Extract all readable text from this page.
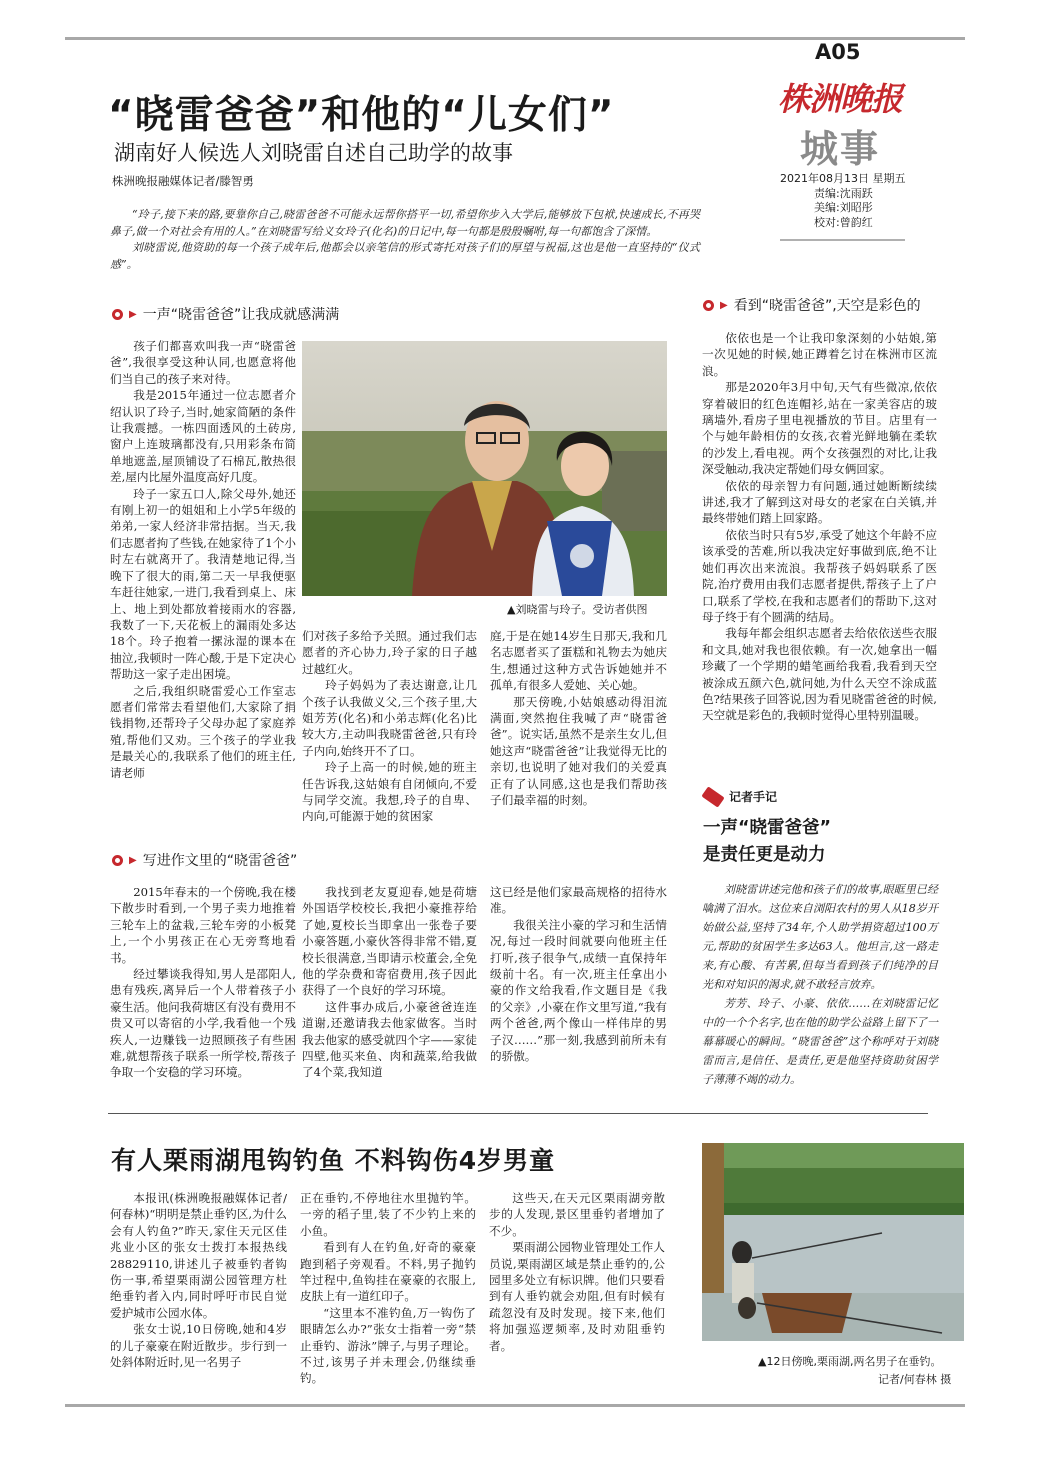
A05
株洲晚报
城事
2021年08月13日 星期五
责编:沈雨跃
美编:刘昭彤
校对:曾韵红
“晓雷爸爸”和他的“儿女们”
湖南好人候选人刘晓雷自述自己助学的故事
株洲晚报融媒体记者/滕智勇

“玲子,接下来的路,要靠你自己,晓雷爸爸不可能永远帮你搭平一切,希望你步入大学后,能够放下包袱,快速成长,不再哭鼻子,做一个对社会有用的人。”在刘晓雷写给义女玲子(化名)的日记中,每一句都是殷殷嘱咐,每一句都饱含了深情。

刘晓雷说,他资助的每一个孩子成年后,他都会以亲笔信的形式寄托对孩子们的厚望与祝福,这也是他一直坚持的“仪式感”。

▶ 一声“晓雷爸爸”让我成就感满满

孩子们都喜欢叫我一声“晓雷爸爸”,我很享受这种认同,也愿意将他们当自己的孩子来对待。

我是2015年通过一位志愿者介绍认识了玲子,当时,她家简陋的条件让我震撼。一栋四面透风的土砖房,窗户上连玻璃都没有,只用彩条布简单地遮盖,屋顶铺设了石棉瓦,散热很差,屋内比屋外温度高好几度。

玲子一家五口人,除父母外,她还有刚上初一的姐姐和上小学5年级的弟弟,一家人经济非常拮据。当天,我们志愿者拘了些钱,在她家待了1个小时左右就离开了。我清楚地记得,当晚下了很大的雨,第二天一早我便驱车赶往她家,一进门,我看到桌上、床上、地上到处都放着接雨水的容器,我数了一下,天花板上的漏雨处多达18个。玲子抱着一摞泳湿的课本在抽泣,我顿时一阵心酸,于是下定决心帮助这一家子走出困境。

之后,我组织晓雷爱心工作室志愿者们常常去看望他们,大家除了捐钱捐物,还帮玲子父母办起了家庭养殖,帮他们又劝。三个孩子的学业我是最关心的,我联系了他们的班主任,请老师

▲刘晓雷与玲子。受访者供图

们对孩子多给予关照。通过我们志愿者的齐心协力,玲子家的日子越过越红火。

玲子妈妈为了表达谢意,让几个孩子认我做义父,三个孩子里,大姐芳芳(化名)和小弟志辉(化名)比较大方,主动叫我晓雷爸爸,只有玲子内向,始终开不了口。

玲子上高一的时候,她的班主任告诉我,这姑娘有自闭倾向,不爱与同学交流。我想,玲子的自卑、内向,可能源于她的贫困家

庭,于是在她14岁生日那天,我和几名志愿者买了蛋糕和礼物去为她庆生,想通过这种方式告诉她她并不孤单,有很多人爱她、关心她。

那天傍晚,小姑娘感动得泪流满面,突然抱住我喊了声“晓雷爸爸”。说实话,虽然不是亲生女儿,但她这声“晓雷爸爸”让我觉得无比的亲切,也说明了她对我们的关爱真正有了认同感,这也是我们帮助孩子们最幸福的时刻。

▶ 写进作文里的“晓雷爸爸”

2015年春末的一个傍晚,我在楼下散步时看到,一个男子卖力地推着三轮车上的盆栽,三轮车旁的小板凳上,一个小男孩正在心无旁骛地看书。

经过攀谈我得知,男人是邵阳人,患有残疾,离异后一个人带着孩子小豪生活。他问我荷塘区有没有费用不贵又可以寄宿的小学,我看他一个残疾人,一边赚钱一边照顾孩子有些困难,就想帮孩子联系一所学校,帮孩子争取一个安稳的学习环境。

我找到老友夏迎春,她是荷塘外国语学校校长,我把小豪推荐给了她,夏校长当即拿出一张卷子要小豪答题,小豪伙答得非常不错,夏校长很满意,当即请示校董会,全免他的学杂费和寄宿费用,孩子因此获得了一个良好的学习环境。

这件事办成后,小豪爸爸连连道谢,还邀请我去他家做客。当时我去他家的感受就四个字——家徒四壁,他买来鱼、肉和蔬菜,给我做了4个菜,我知道

这已经是他们家最高规格的招待水准。

我很关注小豪的学习和生活情况,每过一段时间就要向他班主任打听,孩子很争气,成绩一直保持年级前十名。有一次,班主任拿出小豪的作文给我看,作文题目是《我的父亲》,小豪在作文里写道,“我有两个爸爸,两个像山一样伟岸的男子汉……”那一刻,我感到前所未有的骄傲。

▶ 看到“晓雷爸爸”,天空是彩色的

依依也是一个让我印象深刻的小姑娘,第一次见她的时候,她正蹲着乞讨在株洲市区流浪。

那是2020年3月中旬,天气有些微凉,依依穿着破旧的红色连帽衫,站在一家美容店的玻璃墙外,看房子里电视播放的节目。店里有一个与她年龄相仿的女孩,衣着光鲜地躺在柔软的沙发上,看电视。两个女孩强烈的对比,让我深受触动,我决定帮她们母女俩回家。

依依的母亲智力有问题,通过她断断续续讲述,我才了解到这对母女的老家在白关镇,并最终带她们踏上回家路。

依依当时只有5岁,承受了她这个年龄不应该承受的苦难,所以我决定好事做到底,绝不让她们再次出来流浪。我帮孩子妈妈联系了医院,治疗费用由我们志愿者提供,帮孩子上了户口,联系了学校,在我和志愿者们的帮助下,这对母子终于有个圆满的结局。

我每年都会组织志愿者去给依依送些衣服和文具,她对我也很依赖。有一次,她拿出一幅珍藏了一个学期的蜡笔画给我看,我看到天空被涂成五颜六色,就问她,为什么天空不涂成蓝色?结果孩子回答说,因为看见晓雷爸爸的时候,天空就是彩色的,我顿时觉得心里特别温暖。

记者手记
一声“晓雷爸爸”
是责任更是动力

刘晓雷讲述完他和孩子们的故事,眼眶里已经噙满了泪水。这位来自浏阳农村的男人从18岁开始做公益,坚持了34年,个人助学捐资超过100万元,帮助的贫困学生多达63人。他坦言,这一路走来,有心酸、有苦累,但每当看到孩子们纯净的目光和对知识的渴求,就不敢轻言放弃。

芳芳、玲子、小豪、依依……在刘晓雷记忆中的一个个名字,也在他的助学公益路上留下了一幕幕暖心的瞬间。“晓雷爸爸”这个称呼对于刘晓雷而言,是信任、是责任,更是他坚持资助贫困学子薄薄不竭的动力。

有人栗雨湖甩钩钓鱼 不料钩伤4岁男童

本报讯(株洲晚报融媒体记者/何春林)“明明是禁止垂钓区,为什么会有人钓鱼?”昨天,家住天元区佳兆业小区的张女士拨打本报热线28829110,讲述儿子被垂钓者钩伤一事,希望栗雨湖公园管理方杜绝垂钓者入内,同时呼吁市民自觉爱护城市公园水体。

张女士说,10日傍晚,她和4岁的儿子豪豪在附近散步。步行到一处斜体附近时,见一名男子

正在垂钓,不停地往水里抛钓竿。一旁的稻子里,装了不少钓上来的小鱼。

看到有人在钓鱼,好奇的豪豪跑到稻子旁观看。不料,男子抛钓竿过程中,鱼钩挂在豪豪的衣服上,皮肤上有一道红印子。

“这里本不准钓鱼,万一钩伤了眼睛怎么办?”张女士指着一旁“禁止垂钓、游泳”牌子,与男子理论。不过,该男子并未理会,仍继续垂钓。

这些天,在天元区栗雨湖旁散步的人发现,景区里垂钓者增加了不少。

栗雨湖公园物业管理处工作人员说,栗雨湖区域是禁止垂钓的,公园里多处立有标识牌。他们只要看到有人垂钓就会劝阻,但有时候有疏忽没有及时发现。接下来,他们将加强巡逻频率,及时劝阻垂钓者。

▲12日傍晚,栗雨湖,两名男子在垂钓。
记者/何春林 摄
